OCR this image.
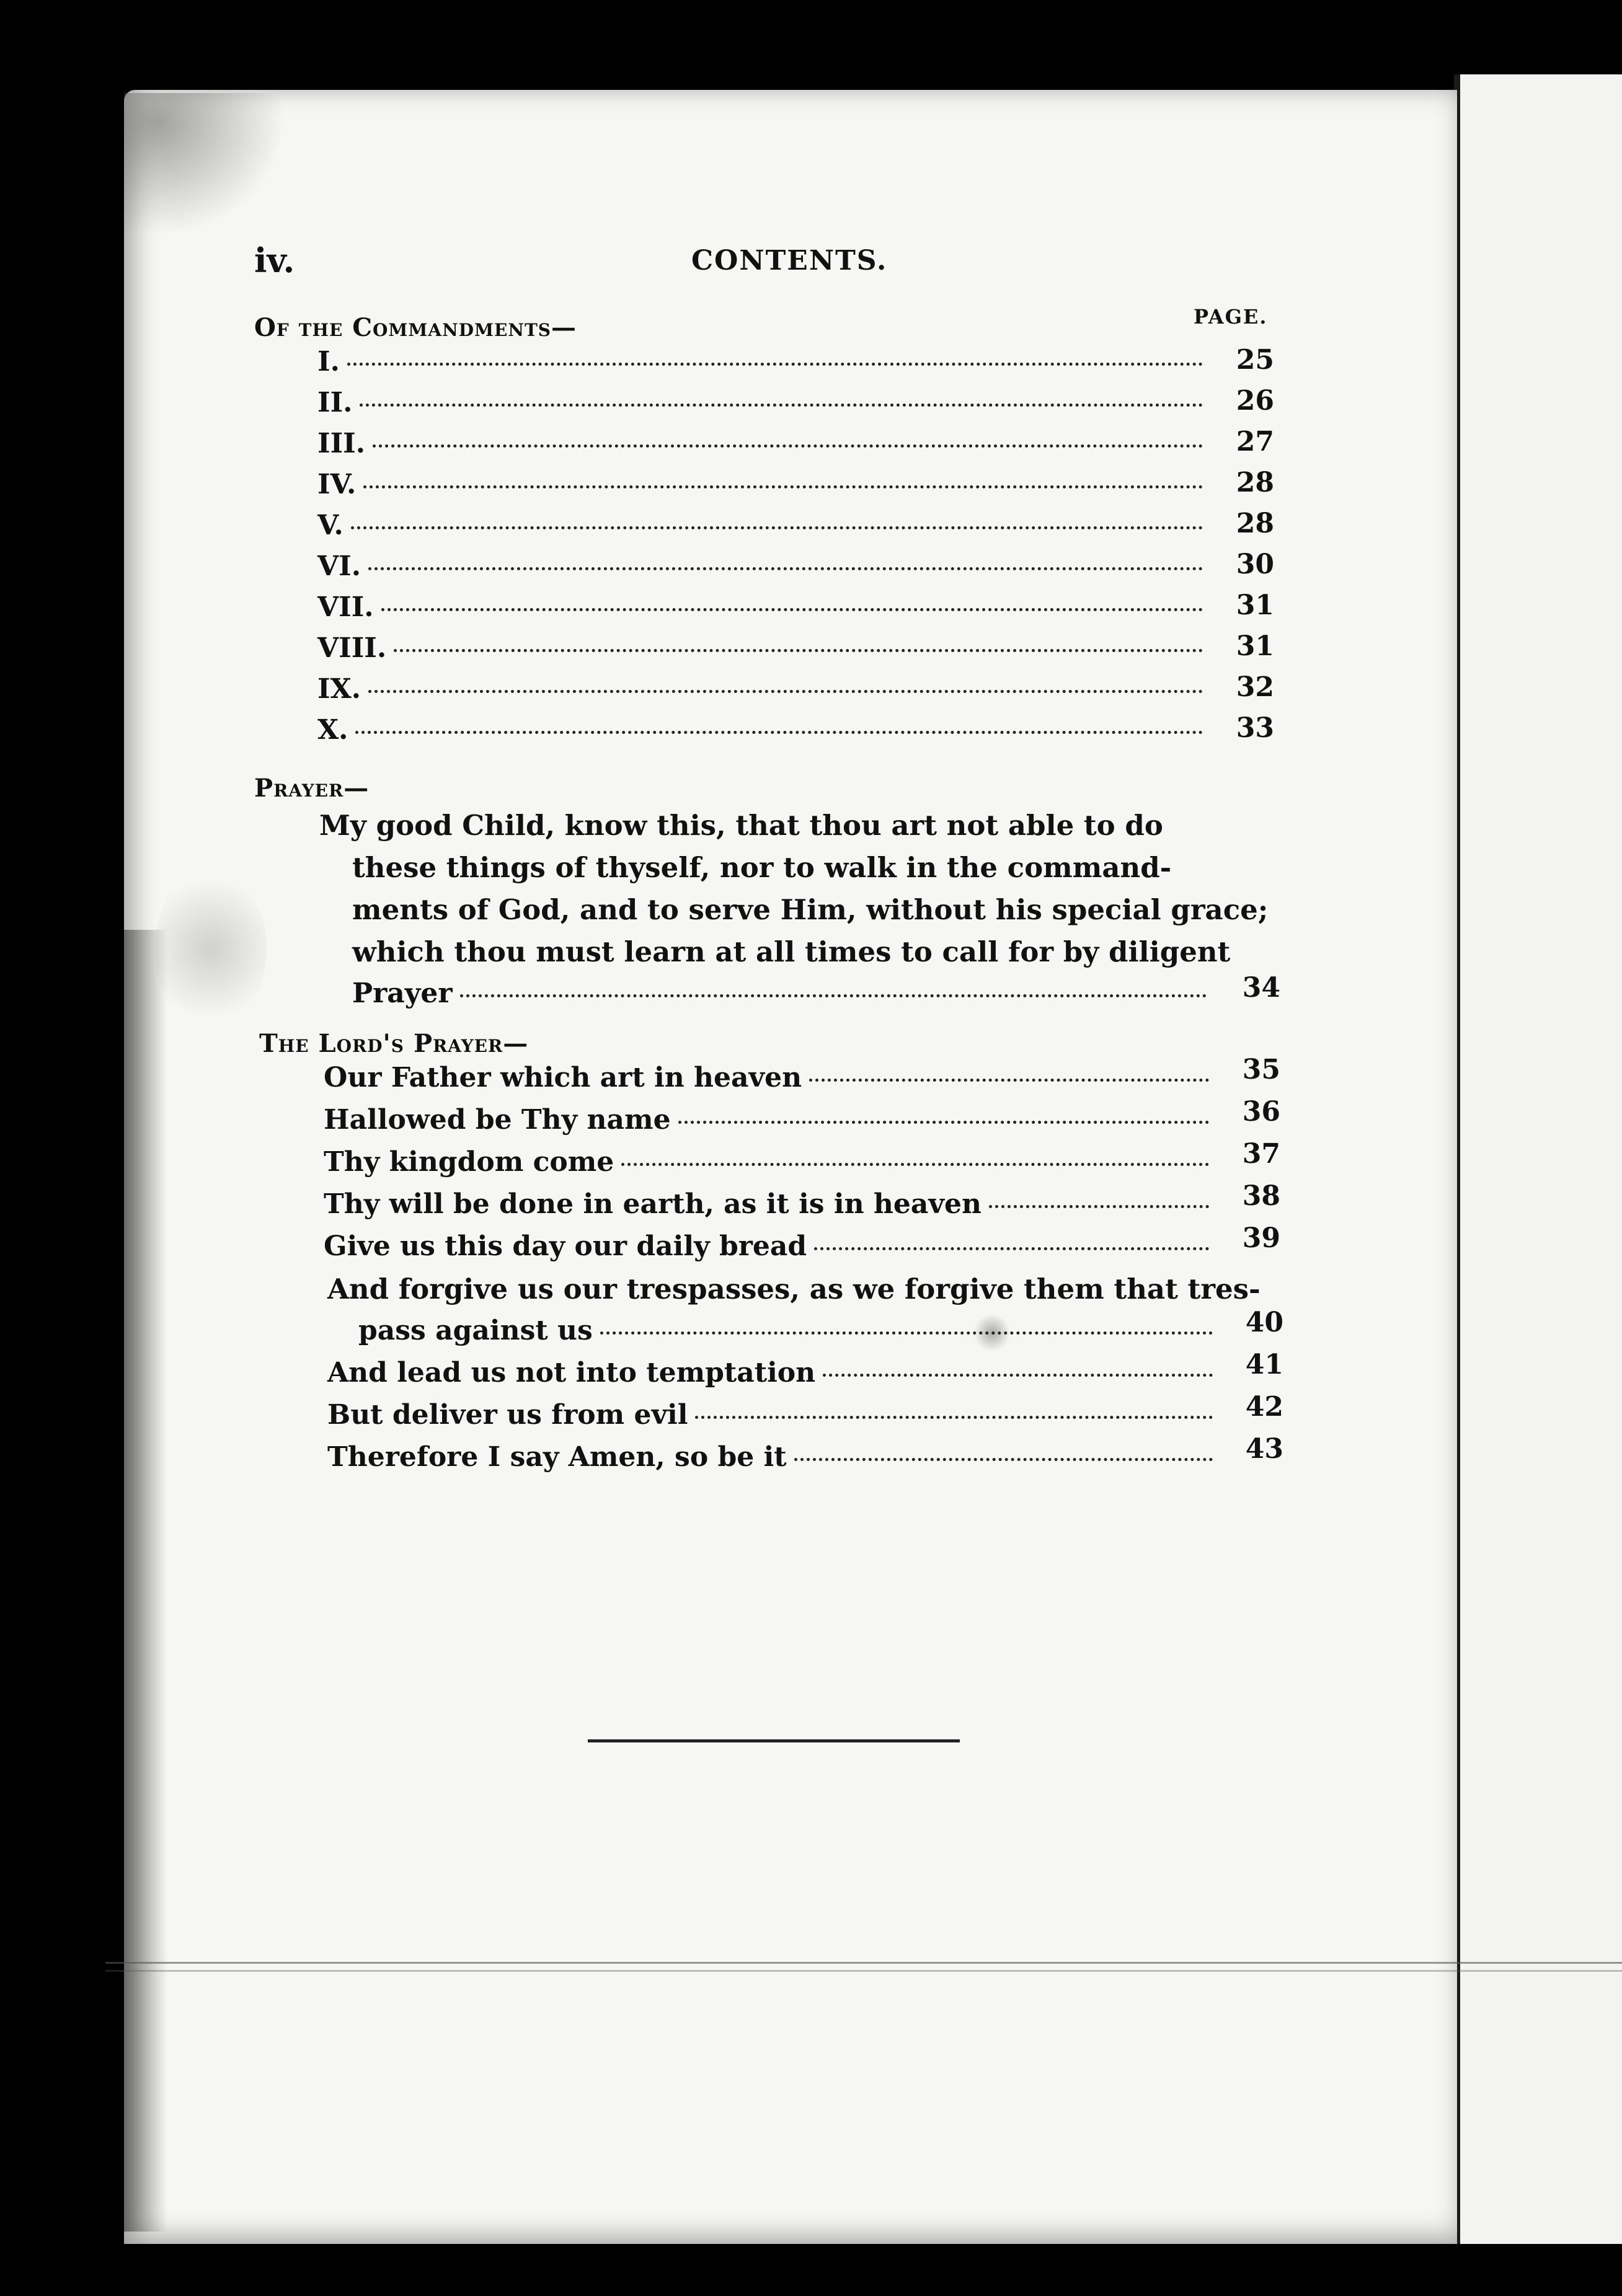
iv.	CONTENTS.
PAGE.
Of the Commandments—
I.	25
II.	26
III.	27
IV.	28
V.	28
VI.	30
VII.	31
VIII.	31
IX.	32
X.	33
Prayer—
My good Child, know this, that thou art not able to do
these things of thyself, nor to walk in the command-
ments of God, and to serve Him, without his special grace;
which thou must learn at all times to call for by diligent
Prayer	34
The Lord's Prayer—
Our Father which art in heaven	35
Hallowed be Thy name	36
Thy kingdom come	37
Thy will be done in earth, as it is in heaven	38
Give us this day our daily bread	39
And forgive us our trespasses, as we forgive them that tres-
pass against us	40
And lead us not into temptation	41
But deliver us from evil	42
Therefore I say Amen, so be it	43
